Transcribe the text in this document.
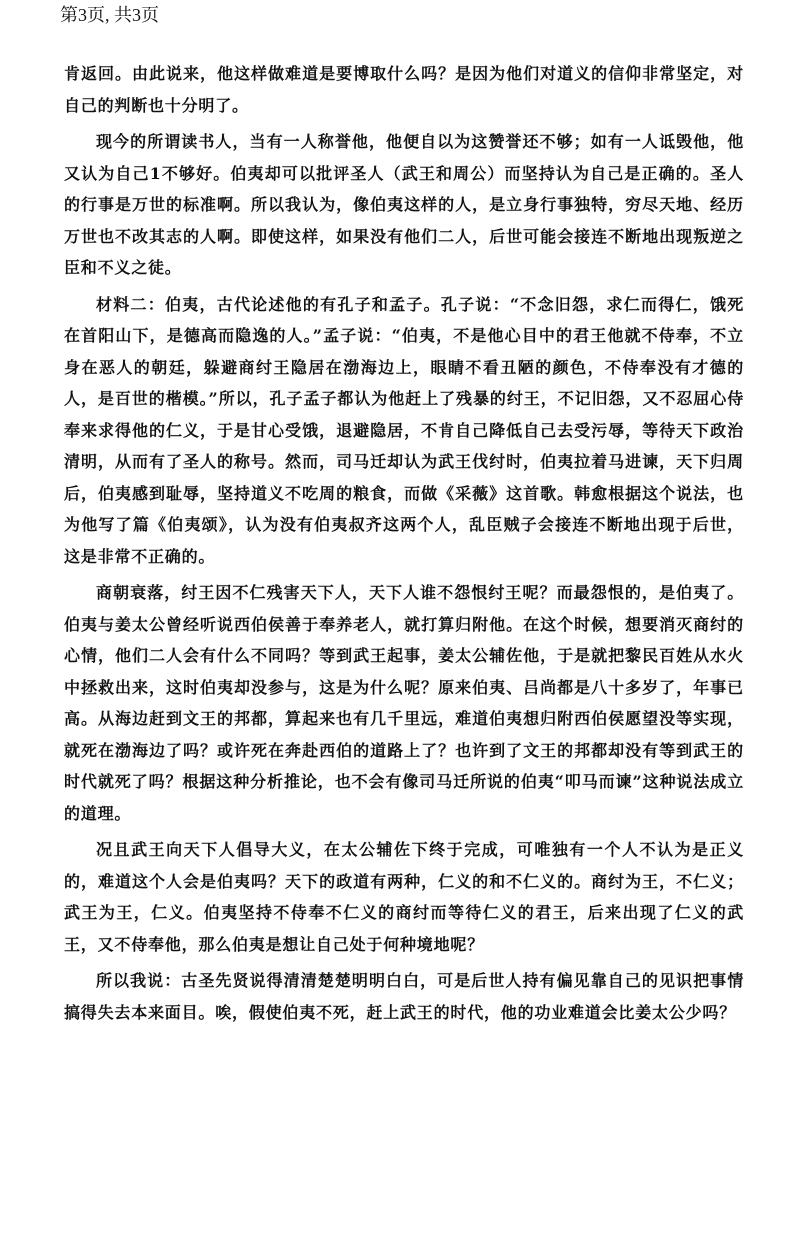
第3页, 共3页

肯返回。由此说来，他这样做难道是要博取什么吗？是因为他们对道义的信仰非常坚定，对自己的判断也十分明了。

现今的所谓读书人，当有一人称誉他，他便自以为这赞誉还不够；如有一人诋毁他，他又认为自己1不够好。伯夷却可以批评圣人（武王和周公）而坚持认为自己是正确的。圣人的行事是万世的标准啊。所以我认为，像伯夷这样的人，是立身行事独特，穷尽天地、经历万世也不改其志的人啊。即使这样，如果没有他们二人，后世可能会接连不断地出现叛逆之臣和不义之徒。

材料二：伯夷，古代论述他的有孔子和孟子。孔子说：“不念旧怨，求仁而得仁，饿死在首阳山下，是德高而隐逸的人。”孟子说：“伯夷，不是他心目中的君王他就不侍奉，不立身在恶人的朝廷，躲避商纣王隐居在渤海边上，眼睛不看丑陋的颜色，不侍奉没有才德的人，是百世的楷模。”所以，孔子孟子都认为他赶上了残暴的纣王，不记旧怨，又不忍屈心侍奉来求得他的仁义，于是甘心受饿，退避隐居，不肯自己降低自己去受污辱，等待天下政治清明，从而有了圣人的称号。然而，司马迁却认为武王伐纣时，伯夷拉着马进谏，天下归周后，伯夷感到耻辱，坚持道义不吃周的粮食，而做《采薇》这首歌。韩愈根据这个说法，也为他写了篇《伯夷颂》，认为没有伯夷叔齐这两个人，乱臣贼子会接连不断地出现于后世，这是非常不正确的。

商朝衰落，纣王因不仁残害天下人，天下人谁不怨恨纣王呢？而最怨恨的，是伯夷了。伯夷与姜太公曾经听说西伯侯善于奉养老人，就打算归附他。在这个时候，想要消灭商纣的心情，他们二人会有什么不同吗？等到武王起事，姜太公辅佐他，于是就把黎民百姓从水火中拯救出来，这时伯夷却没参与，这是为什么呢？原来伯夷、吕尚都是八十多岁了，年事已高。从海边赶到文王的邦都，算起来也有几千里远，难道伯夷想归附西伯侯愿望没等实现，就死在渤海边了吗？或许死在奔赴西伯的道路上了？也许到了文王的邦都却没有等到武王的时代就死了吗？根据这种分析推论，也不会有像司马迁所说的伯夷“叩马而谏”这种说法成立的道理。

况且武王向天下人倡导大义，在太公辅佐下终于完成，可唯独有一个人不认为是正义的，难道这个人会是伯夷吗？天下的政道有两种，仁义的和不仁义的。商纣为王，不仁义；武王为王，仁义。伯夷坚持不侍奉不仁义的商纣而等待仁义的君王，后来出现了仁义的武王，又不侍奉他，那么伯夷是想让自己处于何种境地呢？

所以我说：古圣先贤说得清清楚楚明明白白，可是后世人持有偏见靠自己的见识把事情搞得失去本来面目。唉，假使伯夷不死，赶上武王的时代，他的功业难道会比姜太公少吗？
